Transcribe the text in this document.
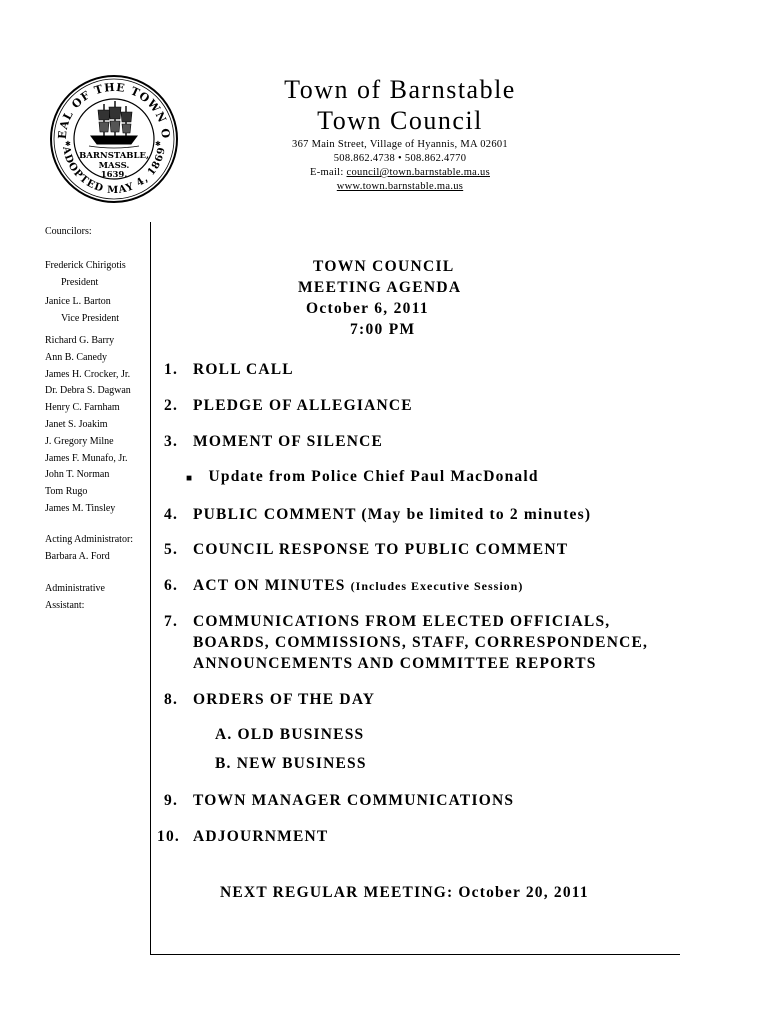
EAL OF THE TOWN O
ADOPTED MAY 4, 1869
✱	✱
BARNSTABLE,
MASS.
1639.
Town of Barnstable
Town Council
367 Main Street, Village of Hyannis, MA 02601
508.862.4738 • 508.862.4770
E-mail: council@town.barnstable.ma.us
www.town.barnstable.ma.us
Councilors:
Frederick Chirigotis
President
Janice L. Barton
Vice President
Richard G. Barry
Ann B. Canedy
James H. Crocker, Jr.
Dr. Debra S. Dagwan
Henry C. Farnham
Janet S. Joakim
J. Gregory Milne
James F. Munafo, Jr.
John T. Norman
Tom Rugo
James M. Tinsley
Acting Administrator:
Barbara A. Ford
Administrative
Assistant:
TOWN COUNCIL
MEETING AGENDA
October 6, 2011
7:00 PM
1. ROLL CALL
2. PLEDGE OF ALLEGIANCE
3. MOMENT OF SILENCE
■ Update from Police Chief Paul MacDonald
4. PUBLIC COMMENT (May be limited to 2 minutes)
5. COUNCIL RESPONSE TO PUBLIC COMMENT
6. ACT ON MINUTES (Includes Executive Session)
7. COMMUNICATIONS FROM ELECTED OFFICIALS,
BOARDS, COMMISSIONS, STAFF, CORRESPONDENCE,
ANNOUNCEMENTS AND COMMITTEE REPORTS
8. ORDERS OF THE DAY
A. OLD BUSINESS
B. NEW BUSINESS
9. TOWN MANAGER COMMUNICATIONS
10. ADJOURNMENT
NEXT REGULAR MEETING: October 20, 2011
